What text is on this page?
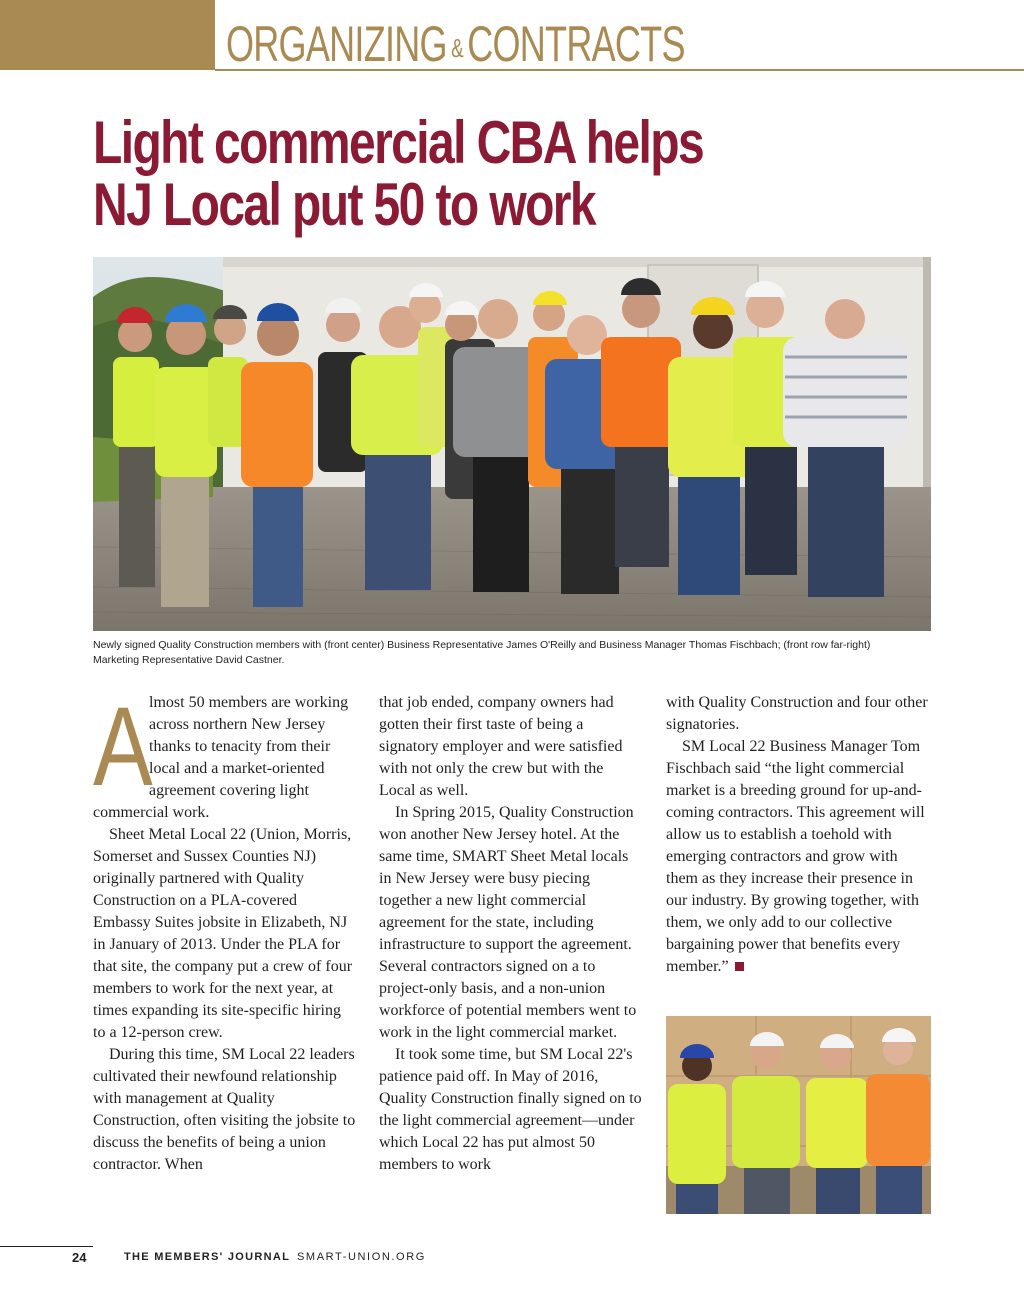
ORGANIZING &CONTRACTS
Light commercial CBA helps
NJ Local put 50 to work
Newly signed Quality Construction members with (front center) Business Representative James O'Reilly and Business Manager Thomas Fischbach; (front row far-right) Marketing Representative David Castner.
A

lmost 50 members are working across northern New Jersey thanks to tenacity from their local and a market-oriented agreement covering light commercial work.

Sheet Metal Local 22 (Union, Morris, Somerset and Sussex Counties NJ) originally partnered with Quality Construction on a PLA-covered Embassy Suites jobsite in Elizabeth, NJ in January of 2013. Under the PLA for that site, the company put a crew of four members to work for the next year, at times expanding its site-specific hiring to a 12-person crew.

During this time, SM Local 22 leaders cultivated their newfound relationship with management at Quality Construction, often visiting the jobsite to discuss the benefits of being a union contractor. When

that job ended, company owners had gotten their first taste of being a signatory employer and were satisfied with not only the crew but with the Local as well.

In Spring 2015, Quality Construction won another New Jersey hotel. At the same time, SMART Sheet Metal locals in New Jersey were busy piecing together a new light commercial agreement for the state, including infrastructure to support the agreement. Several contractors signed on a to project-only basis, and a non-union workforce of potential members went to work in the light commercial market.

It took some time, but SM Local 22's patience paid off. In May of 2016, Quality Construction finally signed on to the light commercial agreement—under which Local 22 has put almost 50 members to work

with Quality Construction and four other signatories.

SM Local 22 Business Manager Tom Fischbach said “the light commercial market is a breeding ground for up-and-coming contractors. This agreement will allow us to establish a toehold with emerging contractors and grow with them as they increase their presence in our industry. By growing together, with them, we only add to our collective bargaining power that benefits every member.”

24	THE MEMBERS' JOURNAL SMART-UNION.ORG
